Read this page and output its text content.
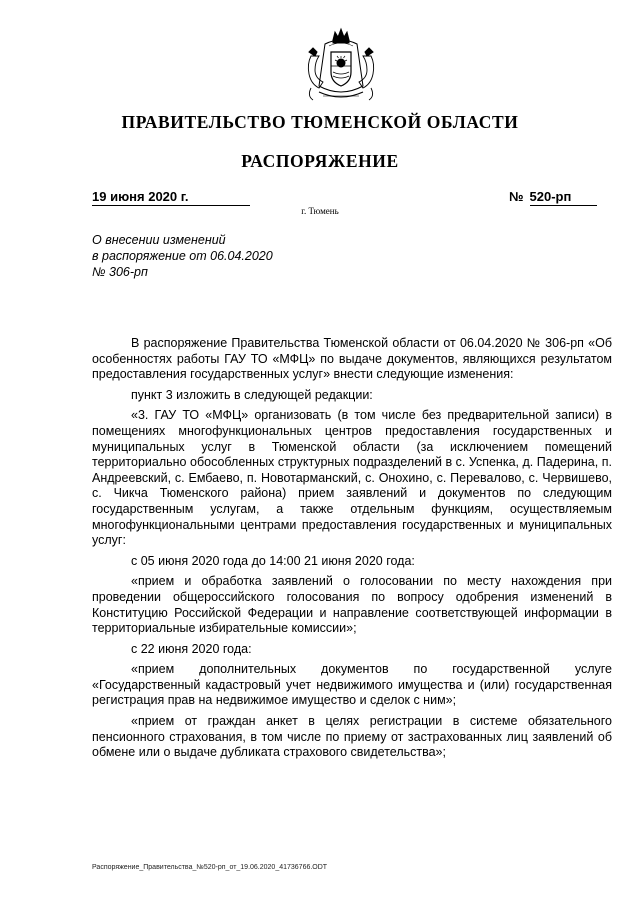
ПРАВИТЕЛЬСТВО ТЮМЕНСКОЙ ОБЛАСТИ
РАСПОРЯЖЕНИЕ
19 июня 2020 г.	№ 520-рп
г. Тюмень
О внесении изменений
в распоряжение от 06.04.2020
№ 306-рп

В распоряжение Правительства Тюменской области от 06.04.2020 № 306-рп «Об особенностях работы ГАУ ТО «МФЦ» по выдаче документов, являющихся результатом предоставления государственных услуг» внести следующие изменения:

пункт 3 изложить в следующей редакции:

«3. ГАУ ТО «МФЦ» организовать (в том числе без предварительной записи) в помещениях многофункциональных центров предоставления государственных и муниципальных услуг в Тюменской области (за исключением помещений территориально обособленных структурных подразделений в с. Успенка, д. Падерина, п. Андреевский, с. Ембаево, п. Новотарманский, с. Онохино, с. Перевалово, с. Червишево, с. Чикча Тюменского района) прием заявлений и документов по следующим государственным услугам, а также отдельным функциям, осуществляемым многофункциональными центрами предоставления государственных и муниципальных услуг:

с 05 июня 2020 года до 14:00 21 июня 2020 года:

«прием и обработка заявлений о голосовании по месту нахождения при проведении общероссийского голосования по вопросу одобрения изменений в Конституцию Российской Федерации и направление соответствующей информации в территориальные избирательные комиссии»;

с 22 июня 2020 года:

«прием дополнительных документов по государственной услуге «Государственный кадастровый учет недвижимого имущества и (или) государственная регистрация прав на недвижимое имущество и сделок с ним»;

«прием от граждан анкет в целях регистрации в системе обязательного пенсионного страхования, в том числе по приему от застрахованных лиц заявлений об обмене или о выдаче дубликата страхового свидетельства»;

Распоряжение_Правительства_№520-рп_от_19.06.2020_41736766.ODT
